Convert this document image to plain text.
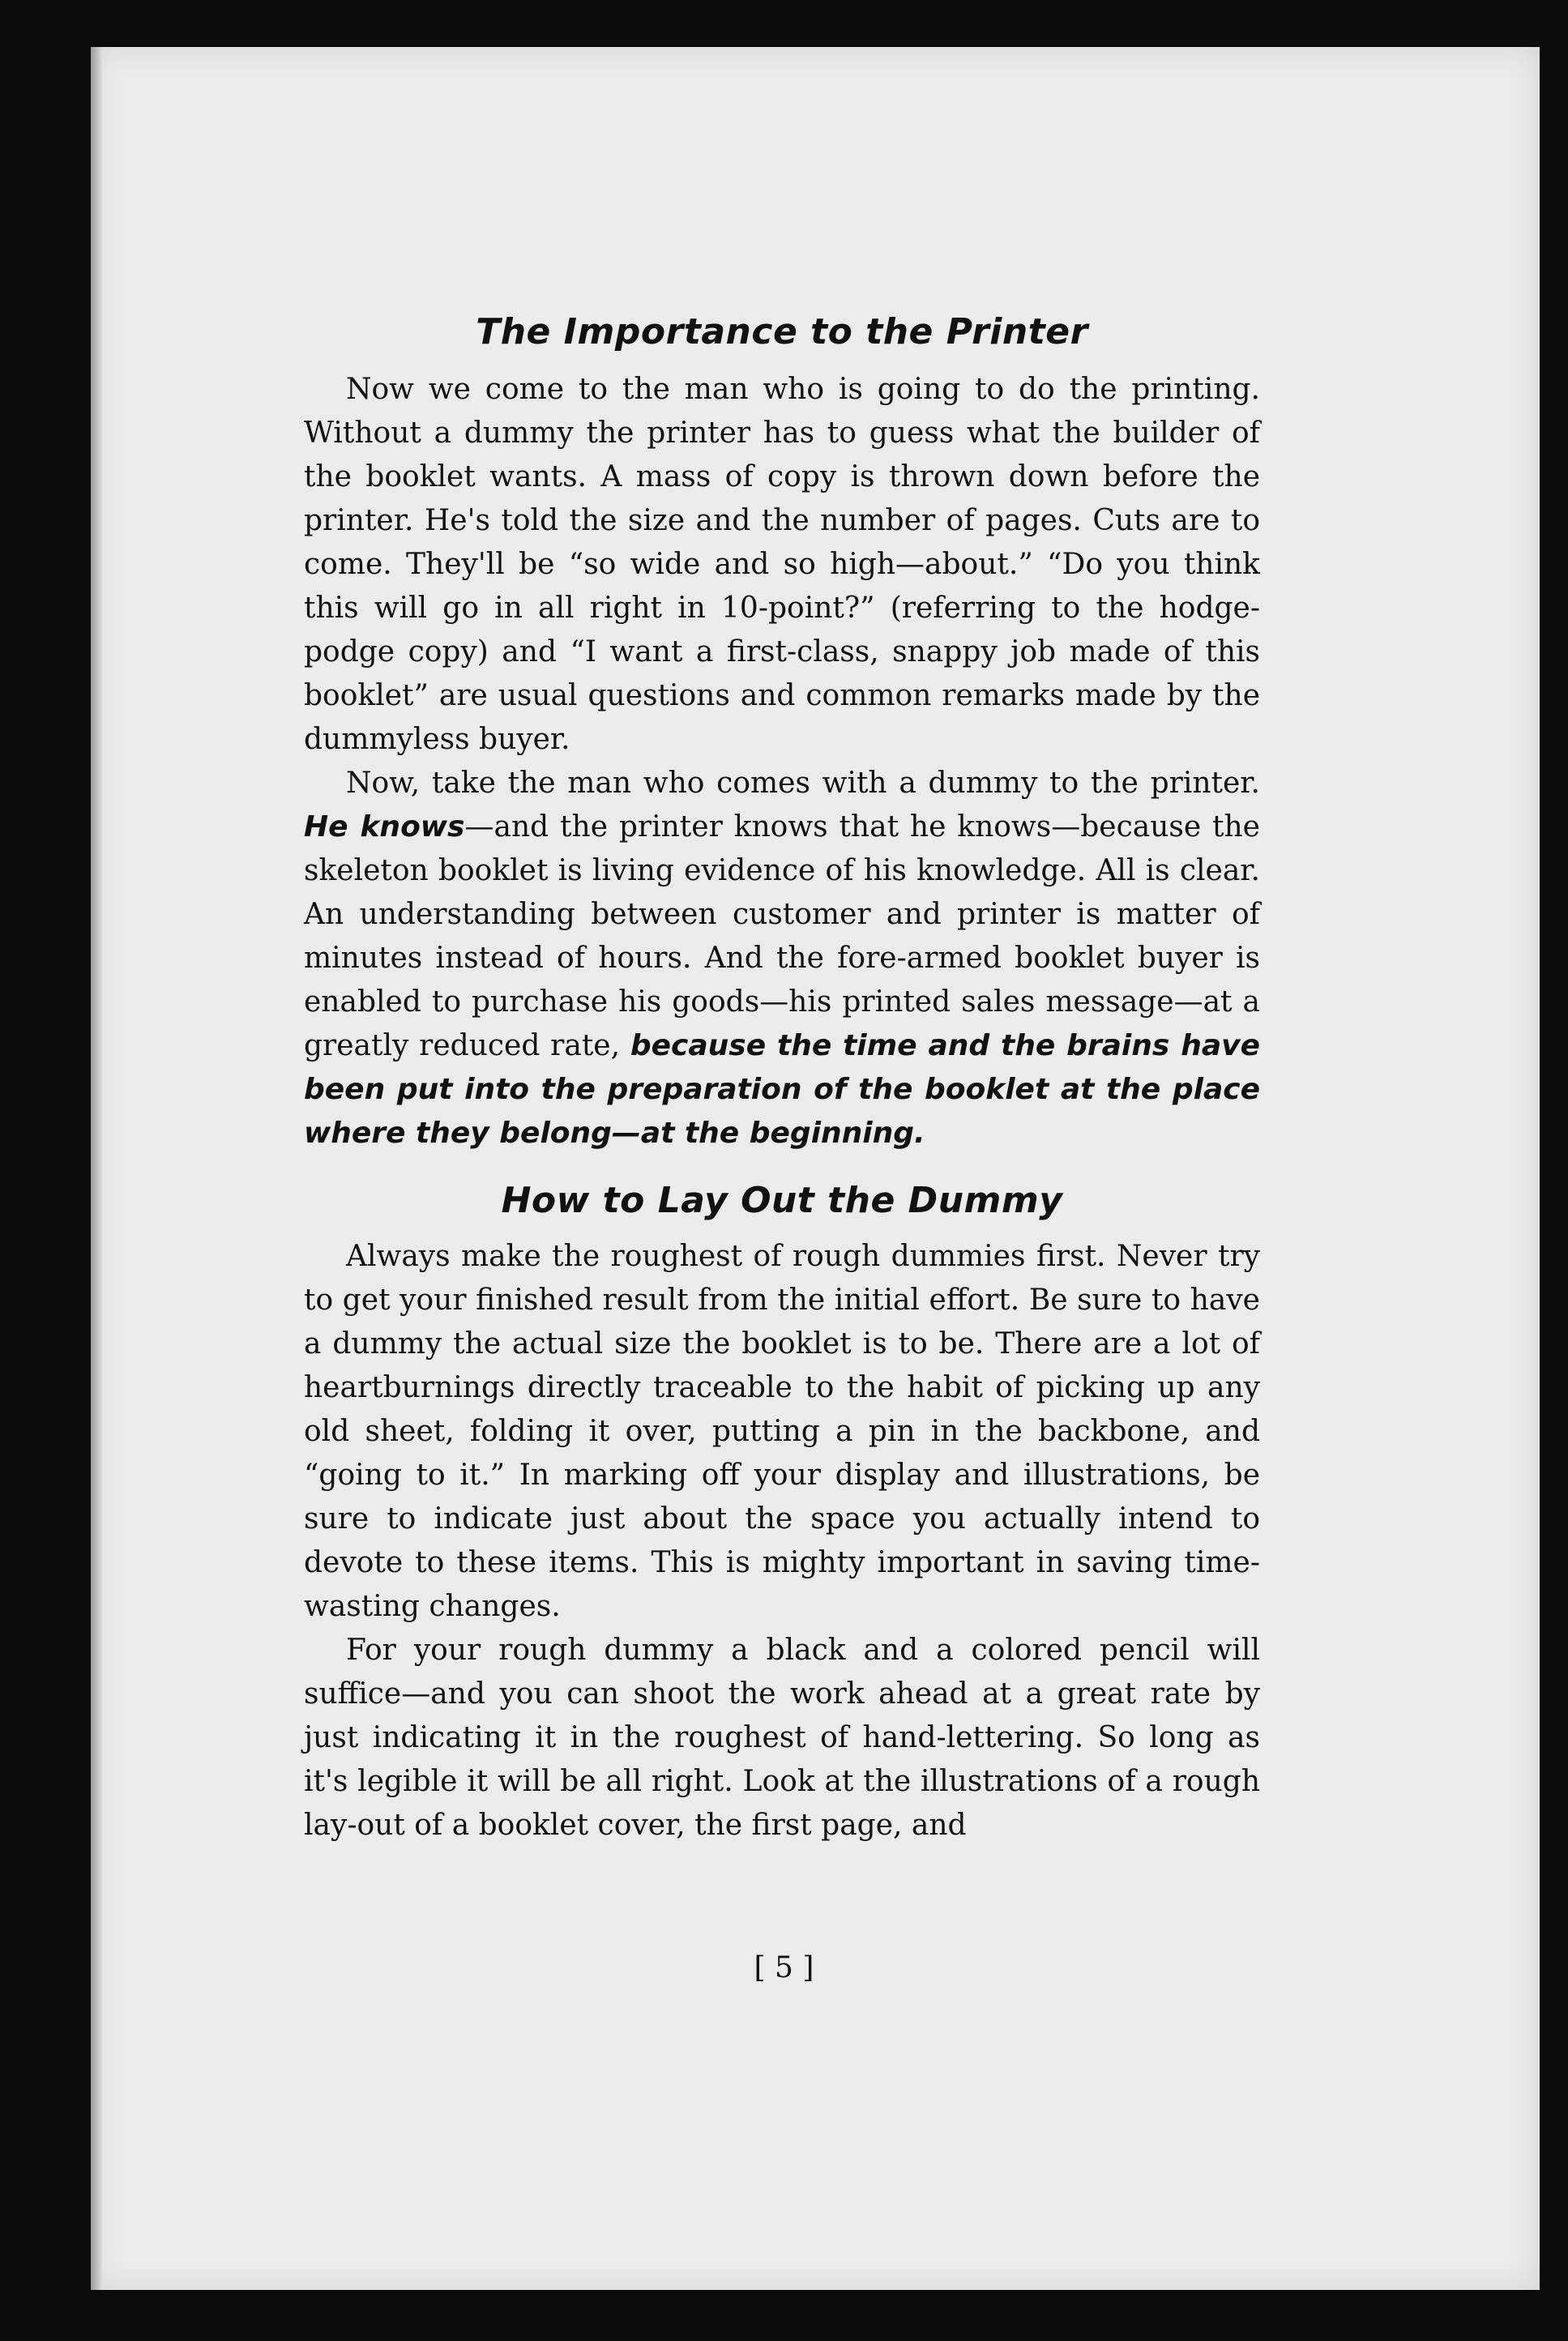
The Importance to the Printer

Now we come to the man who is going to do the printing. Without a dummy the printer has to guess what the builder of the booklet wants. A mass of copy is thrown down before the printer. He's told the size and the number of pages. Cuts are to come. They'll be “so wide and so high—about.” “Do you think this will go in all right in 10-point?” (referring to the hodge-podge copy) and “I want a first-class, snappy job made of this booklet” are usual questions and common remarks made by the dummyless buyer.

Now, take the man who comes with a dummy to the printer. He knows—and the printer knows that he knows—because the skeleton booklet is living evidence of his knowledge. All is clear. An understanding between customer and printer is matter of minutes instead of hours. And the fore-armed booklet buyer is enabled to purchase his goods—his printed sales message—at a greatly reduced rate, because the time and the brains have been put into the preparation of the booklet at the place where they belong—at the beginning.

How to Lay Out the Dummy

Always make the roughest of rough dummies first. Never try to get your finished result from the initial effort. Be sure to have a dummy the actual size the booklet is to be. There are a lot of heartburnings directly traceable to the habit of picking up any old sheet, folding it over, putting a pin in the backbone, and “going to it.” In marking off your display and illustrations, be sure to indicate just about the space you actually intend to devote to these items. This is mighty important in saving time-wasting changes.

For your rough dummy a black and a colored pencil will suffice—and you can shoot the work ahead at a great rate by just indicating it in the roughest of hand-lettering. So long as it's legible it will be all right. Look at the illustrations of a rough lay-out of a booklet cover, the first page, and

[ 5 ]
